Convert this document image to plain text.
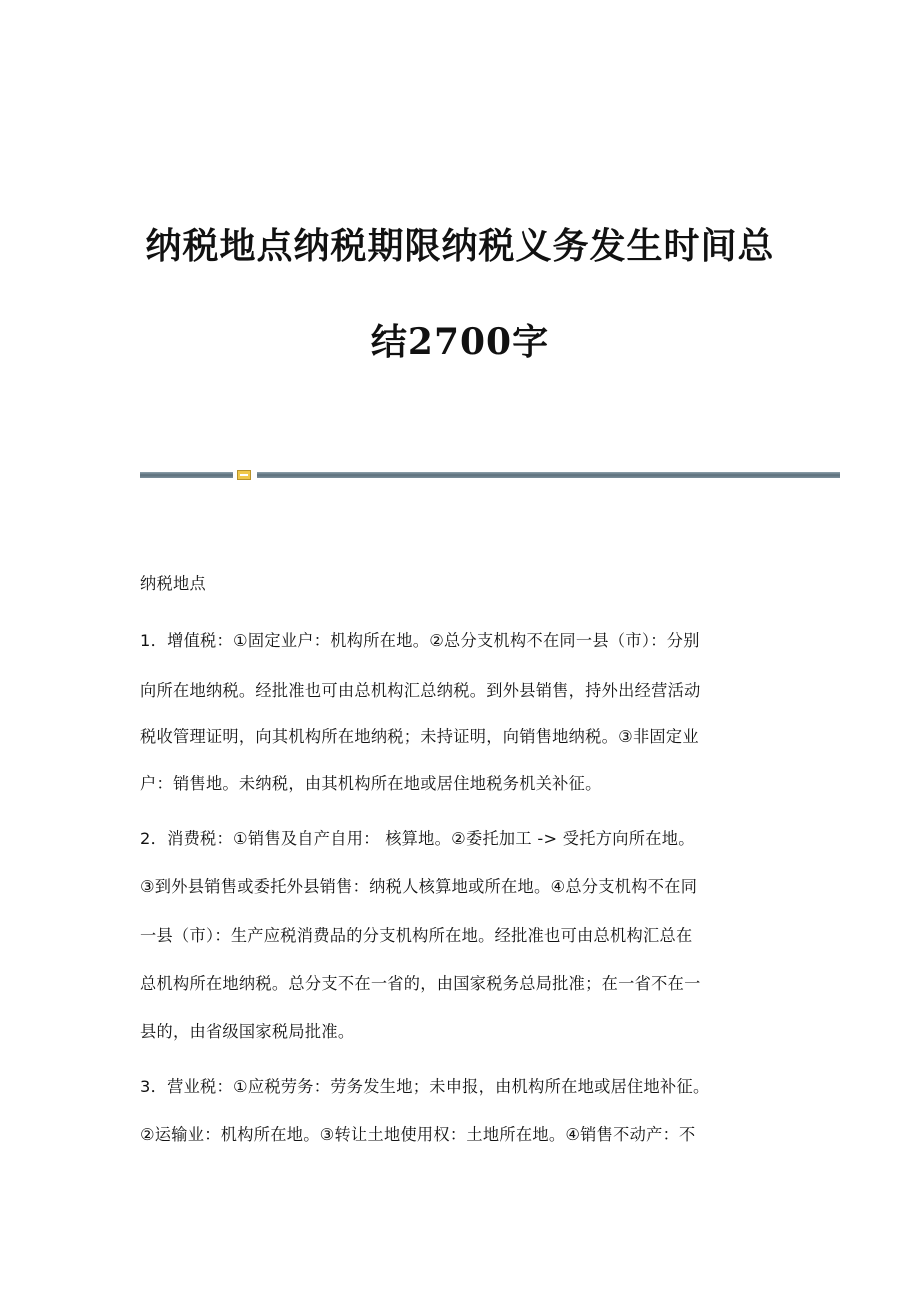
纳税地点纳税期限纳税义务发生时间总
结2700字
纳税地点
1．增值税：①固定业户：机构所在地。②总分支机构不在同一县（市）：分别
向所在地纳税。经批准也可由总机构汇总纳税。到外县销售，持外出经营活动
税收管理证明，向其机构所在地纳税；未持证明，向销售地纳税。③非固定业
户：销售地。未纳税，由其机构所在地或居住地税务机关补征。
2．消费税：①销售及自产自用： 核算地。②委托加工 -> 受托方向所在地。
③到外县销售或委托外县销售：纳税人核算地或所在地。④总分支机构不在同
一县（市）：生产应税消费品的分支机构所在地。经批准也可由总机构汇总在
总机构所在地纳税。总分支不在一省的，由国家税务总局批准；在一省不在一
县的，由省级国家税局批准。
3．营业税：①应税劳务：劳务发生地；未申报，由机构所在地或居住地补征。
②运输业：机构所在地。③转让土地使用权：土地所在地。④销售不动产：不
